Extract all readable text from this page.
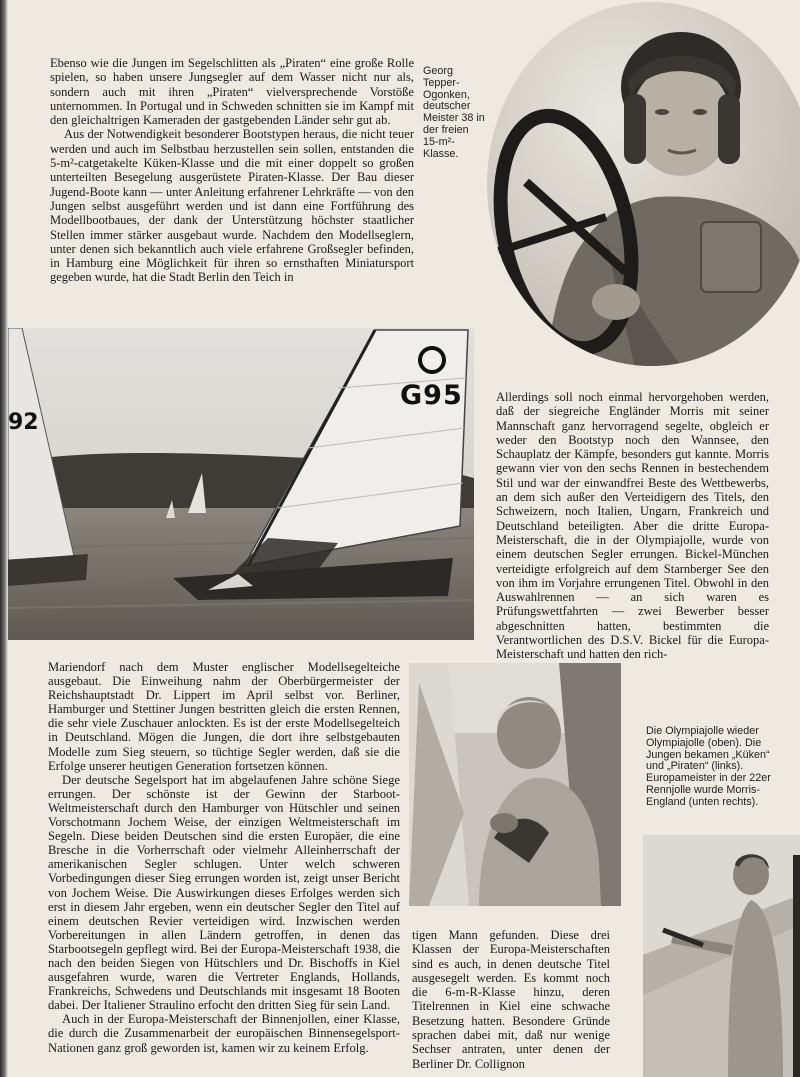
Ebenso wie die Jungen im Segelschlitten als „Piraten“ eine große Rolle spielen, so haben unsere Jungsegler auf dem Wasser nicht nur als, sondern auch mit ihren „Piraten“ vielversprechende Vorstöße unternommen. In Portugal und in Schweden schnitten sie im Kampf mit den gleichaltrigen Kameraden der gastgebenden Länder sehr gut ab.

Aus der Notwendigkeit besonderer Bootstypen heraus, die nicht teuer werden und auch im Selbstbau herzustellen sein sollen, entstanden die 5-m²-catgetakelte Küken-Klasse und die mit einer doppelt so großen unterteilten Besegelung ausgerüstete Piraten-Klasse. Der Bau dieser Jugend-Boote kann — unter Anleitung erfahrener Lehrkräfte — von den Jungen selbst ausgeführt werden und ist dann eine Fortführung des Modellbootbaues, der dank der Unterstützung höchster staatlicher Stellen immer stärker ausgebaut wurde. Nachdem den Modellseglern, unter denen sich bekanntlich auch viele erfahrene Großsegler befinden, in Hamburg eine Möglichkeit für ihren so ernsthaften Miniatursport gegeben wurde, hat die Stadt Berlin den Teich in

Georg Tepper-Ogonken, deutscher Meister 38 in der freien 15-m²-Klasse.
G95
92

Allerdings soll noch einmal hervorgehoben werden, daß der siegreiche Engländer Morris mit seiner Mannschaft ganz hervorragend segelte, obgleich er weder den Bootstyp noch den Wannsee, den Schauplatz der Kämpfe, besonders gut kannte. Morris gewann vier von den sechs Rennen in bestechendem Stil und war der einwandfrei Beste des Wettbewerbs, an dem sich außer den Verteidigern des Titels, den Schweizern, noch Italien, Ungarn, Frankreich und Deutschland beteiligten. Aber die dritte Europa-Meisterschaft, die in der Olympiajolle, wurde von einem deutschen Segler errungen. Bickel-München verteidigte erfolgreich auf dem Starnberger See den von ihm im Vorjahre errungenen Titel. Obwohl in den Auswahlrennen — an sich waren es Prüfungswettfahrten — zwei Bewerber besser abgeschnitten hatten, bestimmten die Verantwortlichen des D.S.V. Bickel für die Europa-Meisterschaft und hatten den rich-

Mariendorf nach dem Muster englischer Modellsegelteiche ausgebaut. Die Einweihung nahm der Oberbürgermeister der Reichshauptstadt Dr. Lippert im April selbst vor. Berliner, Hamburger und Stettiner Jungen bestritten gleich die ersten Rennen, die sehr viele Zuschauer anlockten. Es ist der erste Modellsegelteich in Deutschland. Mögen die Jungen, die dort ihre selbstgebauten Modelle zum Sieg steuern, so tüchtige Segler werden, daß sie die Erfolge unserer heutigen Generation fortsetzen können.

Der deutsche Segelsport hat im abgelaufenen Jahre schöne Siege errungen. Der schönste ist der Gewinn der Starboot-Weltmeisterschaft durch den Hamburger von Hütschler und seinen Vorschotmann Jochem Weise, der einzigen Weltmeisterschaft im Segeln. Diese beiden Deutschen sind die ersten Europäer, die eine Bresche in die Vorherrschaft oder vielmehr Alleinherrschaft der amerikanischen Segler schlugen. Unter welch schweren Vorbedingungen dieser Sieg errungen worden ist, zeigt unser Bericht von Jochem Weise. Die Auswirkungen dieses Erfolges werden sich erst in diesem Jahr ergeben, wenn ein deutscher Segler den Titel auf einem deutschen Revier verteidigen wird. Inzwischen werden Vorbereitungen in allen Ländern getroffen, in denen das Starbootsegeln gepflegt wird. Bei der Europa-Meisterschaft 1938, die nach den beiden Siegen von Hütschlers und Dr. Bischoffs in Kiel ausgefahren wurde, waren die Vertreter Englands, Hollands, Frankreichs, Schwedens und Deutschlands mit insgesamt 18 Booten dabei. Der Italiener Straulino erfocht den dritten Sieg für sein Land.

Auch in der Europa-Meisterschaft der Binnenjollen, einer Klasse, die durch die Zusammenarbeit der europäischen Binnensegelsport-Nationen ganz groß geworden ist, kamen wir zu keinem Erfolg.

Die Olympiajolle wieder Olympiajolle (oben). Die Jungen bekamen „Küken“ und „Piraten“ (links). Europameister in der 22er Rennjolle wurde Morris-England (unten rechts).

tigen Mann gefunden. Diese drei Klassen der Europa-Meisterschaften sind es auch, in denen deutsche Titel ausgesegelt werden. Es kommt noch die 6-m-R-Klasse hinzu, deren Titelrennen in Kiel eine schwache Besetzung hatten. Besondere Gründe sprachen dabei mit, daß nur wenige Sechser antraten, unter denen der Berliner Dr. Collignon
